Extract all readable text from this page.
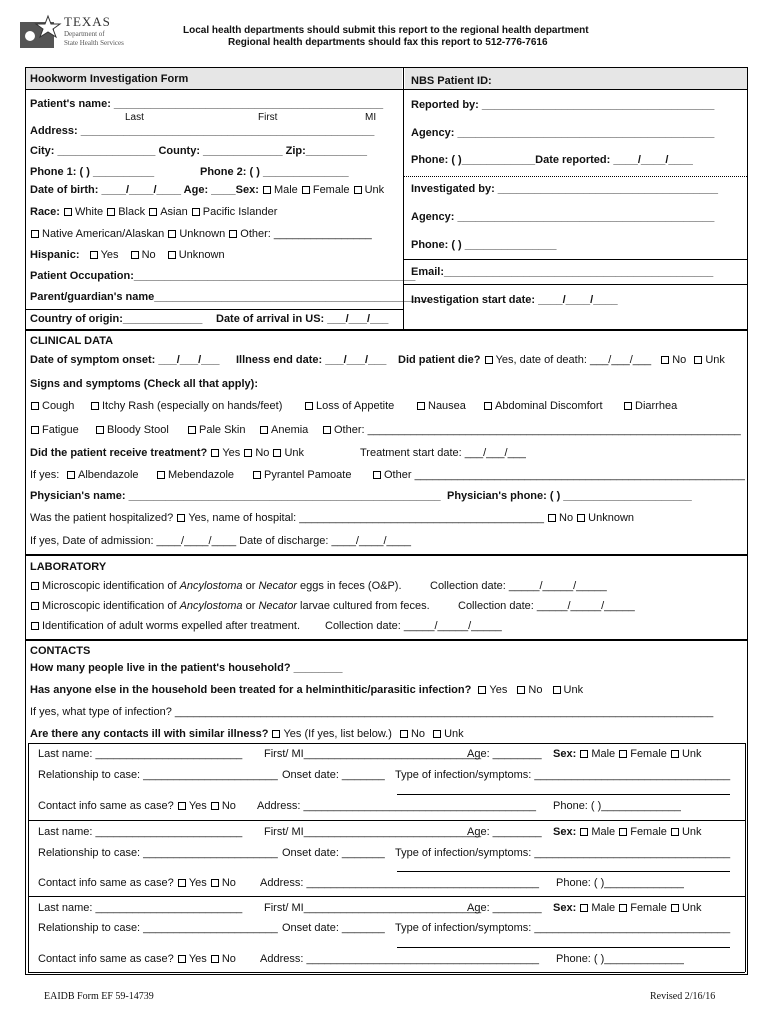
TEXAS
Department of
State Health Services
Local health departments should submit this report to the regional health department
Regional health departments should fax this report to 512-776-7616
Hookworm Investigation Form	NBS Patient ID:
Patient's name: ____________________________________________
Last	First	MI
Address: ________________________________________________
City: ________________ County: _____________ Zip:__________
Phone 1: ( ) __________	Phone 2: ( ) ______________
Date of birth: ____/____/____ Age: ____Sex: Male Female Unk
Race: White Black Asian Pacific Islander
Native American/Alaskan Unknown Other: ________________
Hispanic: Yes No Unknown
Patient Occupation:______________________________________________
Parent/guardian's name_____________________________________________
Country of origin:_____________ Date of arrival in US: ___/___/___
Reported by: ______________________________________
Agency: __________________________________________
Phone: ( )____________Date reported: ____/____/____
Investigated by: ____________________________________
Agency: __________________________________________
Phone: ( ) _______________
Email:____________________________________________
Investigation start date: ____/____/____
CLINICAL DATA
Date of symptom onset: ___/___/___ Illness end date: ___/___/___ Did patient die? Yes, date of death: ___/___/___ No Unk
Signs and symptoms (Check all that apply):
Cough	Itchy Rash (especially on hands/feet)	Loss of Appetite	Nausea	Abdominal Discomfort	Diarrhea
Fatigue	Bloody Stool	Pale Skin	Anemia	Other: _____________________________________________________________
Did the patient receive treatment? Yes No Unk	Treatment start date: ___/___/___
If yes:	Albendazole	Mebendazole	Pyrantel Pamoate	Other ______________________________________________________
Physician's name: ___________________________________________________ Physician's phone: ( ) _____________________
Was the patient hospitalized? Yes, name of hospital: ________________________________________ No Unknown
If yes, Date of admission: ____/____/____ Date of discharge: ____/____/____
LABORATORY
Microscopic identification of Ancylostoma or Necator eggs in feces (O&P).	Collection date: _____/_____/_____
Microscopic identification of Ancylostoma or Necator larvae cultured from feces.	Collection date: _____/_____/_____
Identification of adult worms expelled after treatment. Collection date: _____/_____/_____
CONTACTS
How many people live in the patient's household? ________
Has anyone else in the household been treated for a helminthitic/parasitic infection? Yes No Unk
If yes, what type of infection? ________________________________________________________________________________________
Are there any contacts ill with similar illness? Yes (If yes, list below.) No Unk
Last name: ________________________ First/ MI_____________________________
Age: ________ Sex: Male Female Unk
Relationship to case: ______________________ Onset date: _______ Type of infection/symptoms: ________________________________
Contact info same as case? Yes No Address: ______________________________________ Phone: ( )_____________
Last name: ________________________ First/ MI_____________________________
Age: ________ Sex: Male Female Unk
Relationship to case: ______________________ Onset date: _______ Type of infection/symptoms: ________________________________
Contact info same as case? Yes No Address: ______________________________________ Phone: ( )_____________
Last name: ________________________ First/ MI_____________________________
Age: ________ Sex: Male Female Unk
Relationship to case: ______________________ Onset date: _______ Type of infection/symptoms: ________________________________
Contact info same as case? Yes No Address: ______________________________________ Phone: ( )_____________
EAIDB Form EF 59-14739	Revised 2/16/16
